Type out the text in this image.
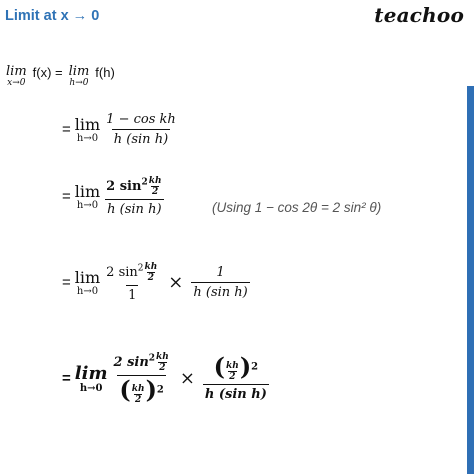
Limit at x → 0	teachoo
lim
x→0
f(x) = lim
h→0
f(h)
= lim
$h\to 0 \frac{\text{1 − cos kh}}{\text{h (sin h)}}$
= lim
$h\to 0 \frac{2 \sin^2 \frac{kh}{2}}{\text{h (sin h)}}$	(Using 1 − cos 2θ = 2 sin² θ)
= lim
$h\to 0 \frac{2 \sin^2 \frac{kh}{2}}{1} \times \frac{1}{\text{h (sin h)}}$
= lim
$h\to 0 \frac{2 \sin^2 \frac{kh}{2}}{( \frac{kh}{2} )^2} \times \frac{( \frac{kh}{2} )^2}{\text{h (sin h)}}$
